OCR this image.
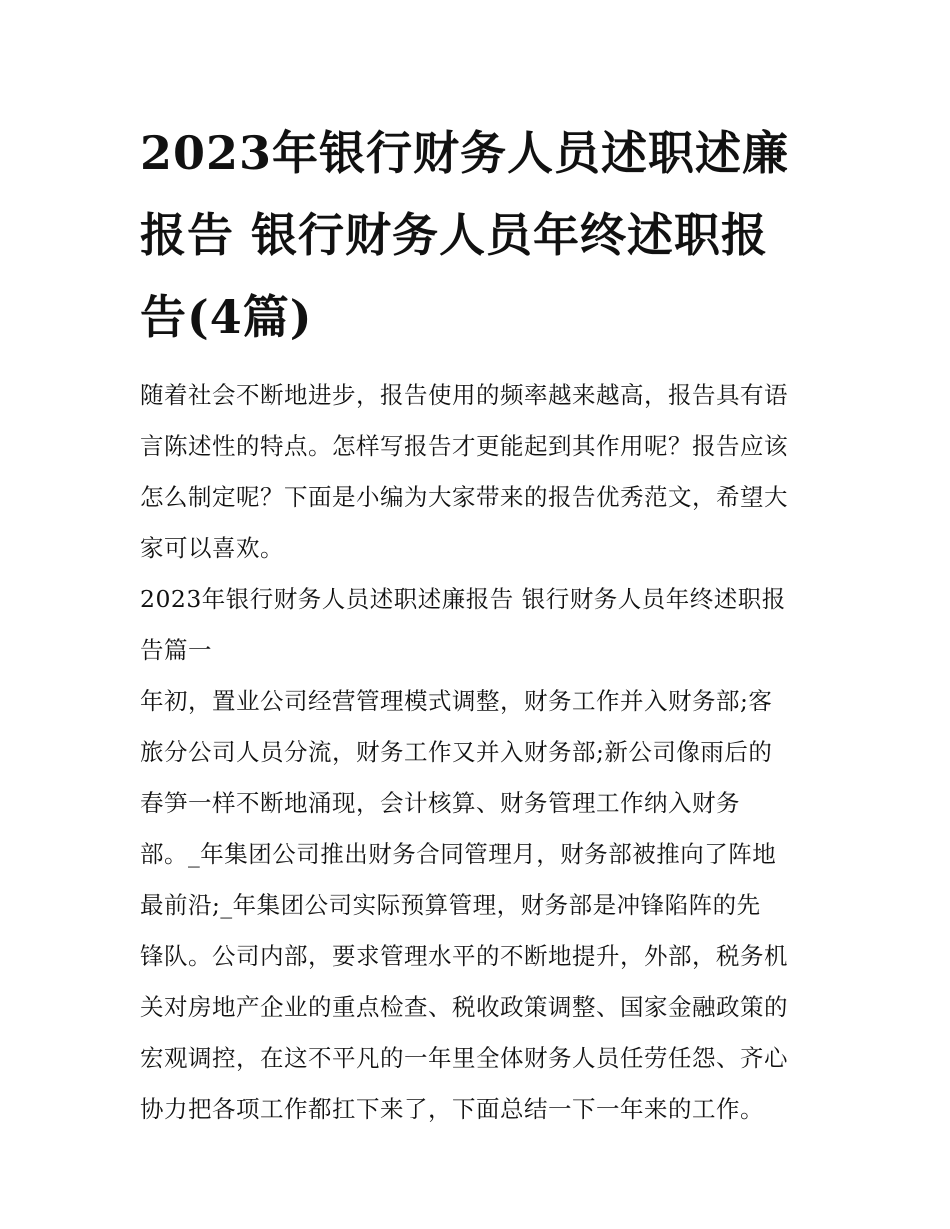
2023年银行财务人员述职述廉
报告 银行财务人员年终述职报
告(4篇)
随着社会不断地进步，报告使用的频率越来越高，报告具有语
言陈述性的特点。怎样写报告才更能起到其作用呢？报告应该
怎么制定呢？下面是小编为大家带来的报告优秀范文，希望大
家可以喜欢。
2023年银行财务人员述职述廉报告 银行财务人员年终述职报
告篇一
年初，置业公司经营管理模式调整，财务工作并入财务部;客
旅分公司人员分流，财务工作又并入财务部;新公司像雨后的
春笋一样不断地涌现，会计核算、财务管理工作纳入财务
部。_年集团公司推出财务合同管理月，财务部被推向了阵地
最前沿;_年集团公司实际预算管理，财务部是冲锋陷阵的先
锋队。公司内部，要求管理水平的不断地提升，外部，税务机
关对房地产企业的重点检查、税收政策调整、国家金融政策的
宏观调控，在这不平凡的一年里全体财务人员任劳任怨、齐心
协力把各项工作都扛下来了，下面总结一下一年来的工作。
